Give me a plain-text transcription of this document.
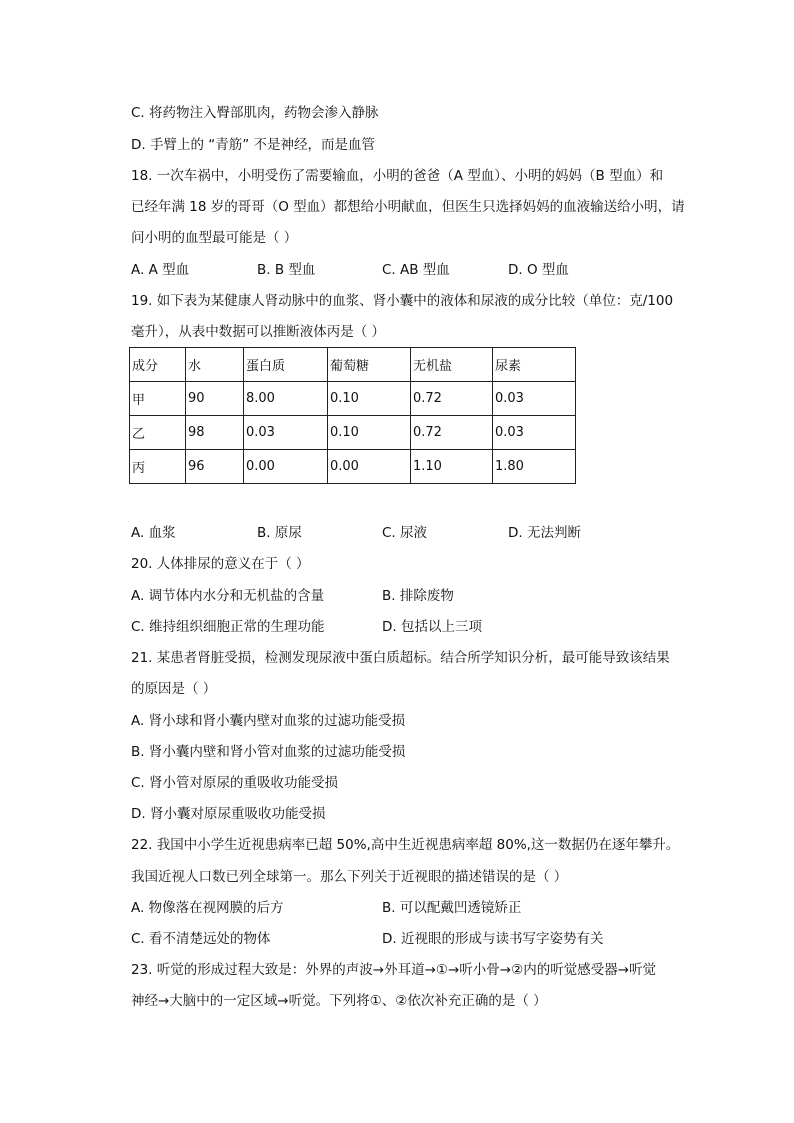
C. 将药物注入臀部肌肉，药物会渗入静脉
D. 手臂上的 “青筋” 不是神经，而是血管
18. 一次车祸中，小明受伤了需要输血，小明的爸爸（A 型血）、小明的妈妈（B 型血）和
已经年满 18 岁的哥哥（O 型血）都想给小明献血，但医生只选择妈妈的血液输送给小明，请
问小明的血型最可能是（ ）
A. A 型血	B. B 型血	C. AB 型血	D. O 型血
19. 如下表为某健康人肾动脉中的血浆、肾小囊中的液体和尿液的成分比较（单位：克/100
毫升），从表中数据可以推断液体丙是（ ）
成分	水	蛋白质	葡萄糖	无机盐	尿素
甲	90	8.00	0.10	0.72	0.03
乙	98	0.03	0.10	0.72	0.03
丙	96	0.00	0.00	1.10	1.80
A. 血浆	B. 原尿	C. 尿液	D. 无法判断
20. 人体排尿的意义在于（ ）
A. 调节体内水分和无机盐的含量	B. 排除废物
C. 维持组织细胞正常的生理功能	D. 包括以上三项
21. 某患者肾脏受损，检测发现尿液中蛋白质超标。结合所学知识分析，最可能导致该结果
的原因是（ ）
A. 肾小球和肾小囊内壁对血浆的过滤功能受损
B. 肾小囊内壁和肾小管对血浆的过滤功能受损
C. 肾小管对原尿的重吸收功能受损
D. 肾小囊对原尿重吸收功能受损
22. 我国中小学生近视患病率已超 50%,高中生近视患病率超 80%,这一数据仍在逐年攀升。
我国近视人口数已列全球第一。那么下列关于近视眼的描述错误的是（ ）
A. 物像落在视网膜的后方	B. 可以配戴凹透镜矫正
C. 看不清楚远处的物体	D. 近视眼的形成与读书写字姿势有关
23. 听觉的形成过程大致是：外界的声波→外耳道→①→听小骨→②内的听觉感受器→听觉
神经→大脑中的一定区域→听觉。下列将①、②依次补充正确的是（ ）
